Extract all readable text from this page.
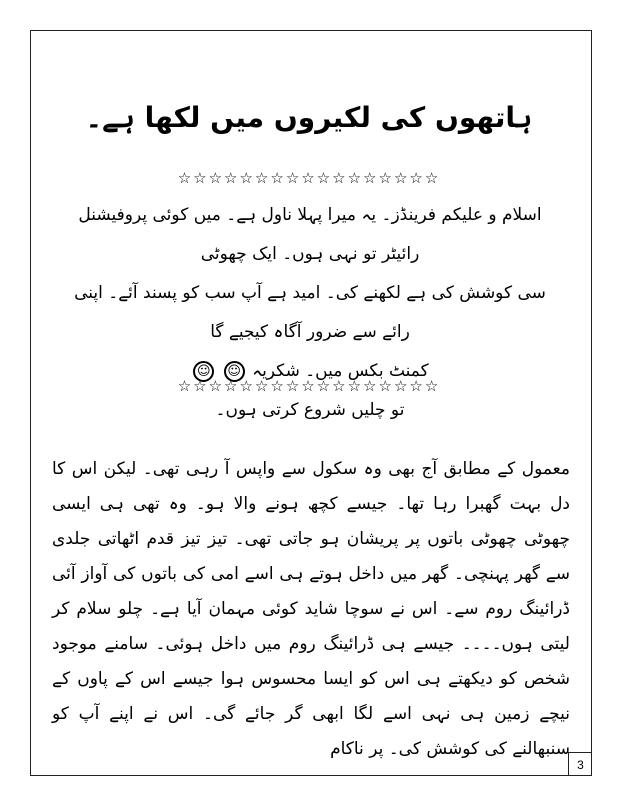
ہاتھوں کی لکیروں میں لکھا ہے۔
☆☆☆☆☆☆☆☆☆☆☆☆☆☆☆☆☆

اسلام و علیکم فرینڈز۔ یہ میرا پہلا ناول ہے۔ میں کوئی پروفیشنل رائیٹر تو نہی ہوں۔ ایک چھوٹی

سی کوشش کی ہے لکھنے کی۔ امید ہے آپ سب کو پسند آئے۔ اپنی رائے سے ضرور آگاہ کیجیے گا

کمنٹ بکس میں۔ شکریہ ☺ ☺

تو چلیں شروع کرتی ہوں۔

☆☆☆☆☆☆☆☆☆☆☆☆☆☆☆☆☆

معمول کے مطابق آج بھی وہ سکول سے واپس آ رہی تھی۔ لیکن اس کا دل بہت گھبرا رہا تھا۔ جیسے کچھ ہونے والا ہو۔ وہ تھی ہی ایسی چھوٹی چھوٹی باتوں پر پریشان ہو جاتی تھی۔ تیز تیز قدم اٹھاتی جلدی سے گھر پہنچی۔ گھر میں داخل ہوتے ہی اسے امی کی باتوں کی آواز آئی ڈرائینگ روم سے۔ اس نے سوچا شاید کوئی مہمان آیا ہے۔ چلو سلام کر لیتی ہوں۔۔۔۔ جیسے ہی ڈرائینگ روم میں داخل ہوئی۔ سامنے موجود شخص کو دیکھتے ہی اس کو ایسا محسوس ہوا جیسے اس کے پاوں کے نیچے زمین ہی نہی اسے لگا ابھی گر جائے گی۔ اس نے اپنے آپ کو سنبھالنے کی کوشش کی۔ پر ناکام

3
